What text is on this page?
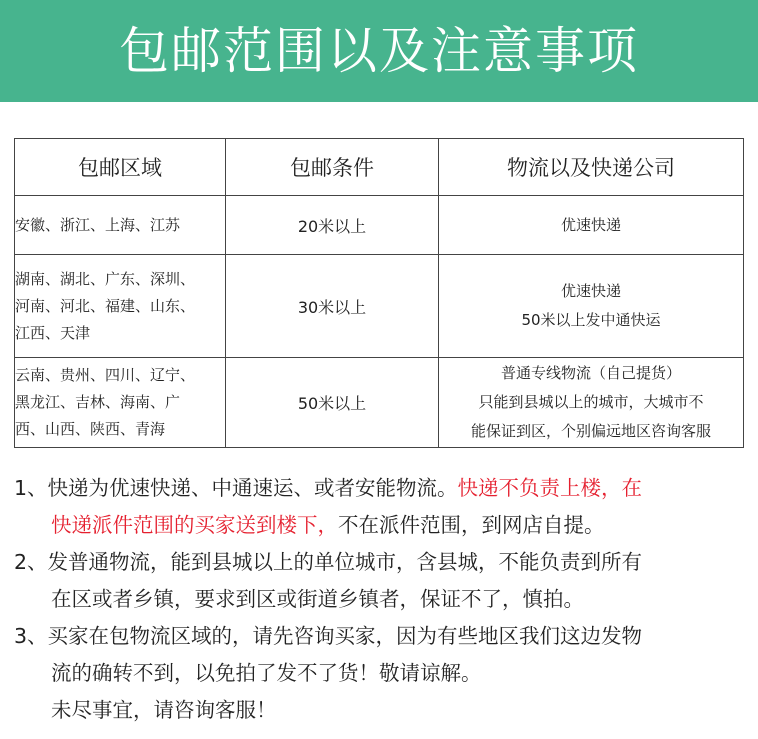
包邮范围以及注意事项
包邮区域	包邮条件	物流以及快递公司

安徽、浙江、上海、江苏	20米以上	优速快递

湖南、湖北、广东、深圳、
河南、河北、福建、山东、
江西、天津	30米以上	优速快递
50米以上发中通快运

云南、贵州、四川、辽宁、
黑龙江、吉林、海南、广
西、山西、陕西、青海	50米以上	普通专线物流（自己提货）
只能到县城以上的城市，大城市不
能保证到区，个别偏远地区咨询客服
1、快递为优速快递、中通速运、或者安能物流。快递不负责上楼，在
快递派件范围的买家送到楼下，不在派件范围，到网店自提。
2、发普通物流，能到县城以上的单位城市，含县城，不能负责到所有
在区或者乡镇，要求到区或街道乡镇者，保证不了，慎拍。
3、买家在包物流区域的，请先咨询买家，因为有些地区我们这边发物
流的确转不到，以免拍了发不了货！敬请谅解。
未尽事宜，请咨询客服！
